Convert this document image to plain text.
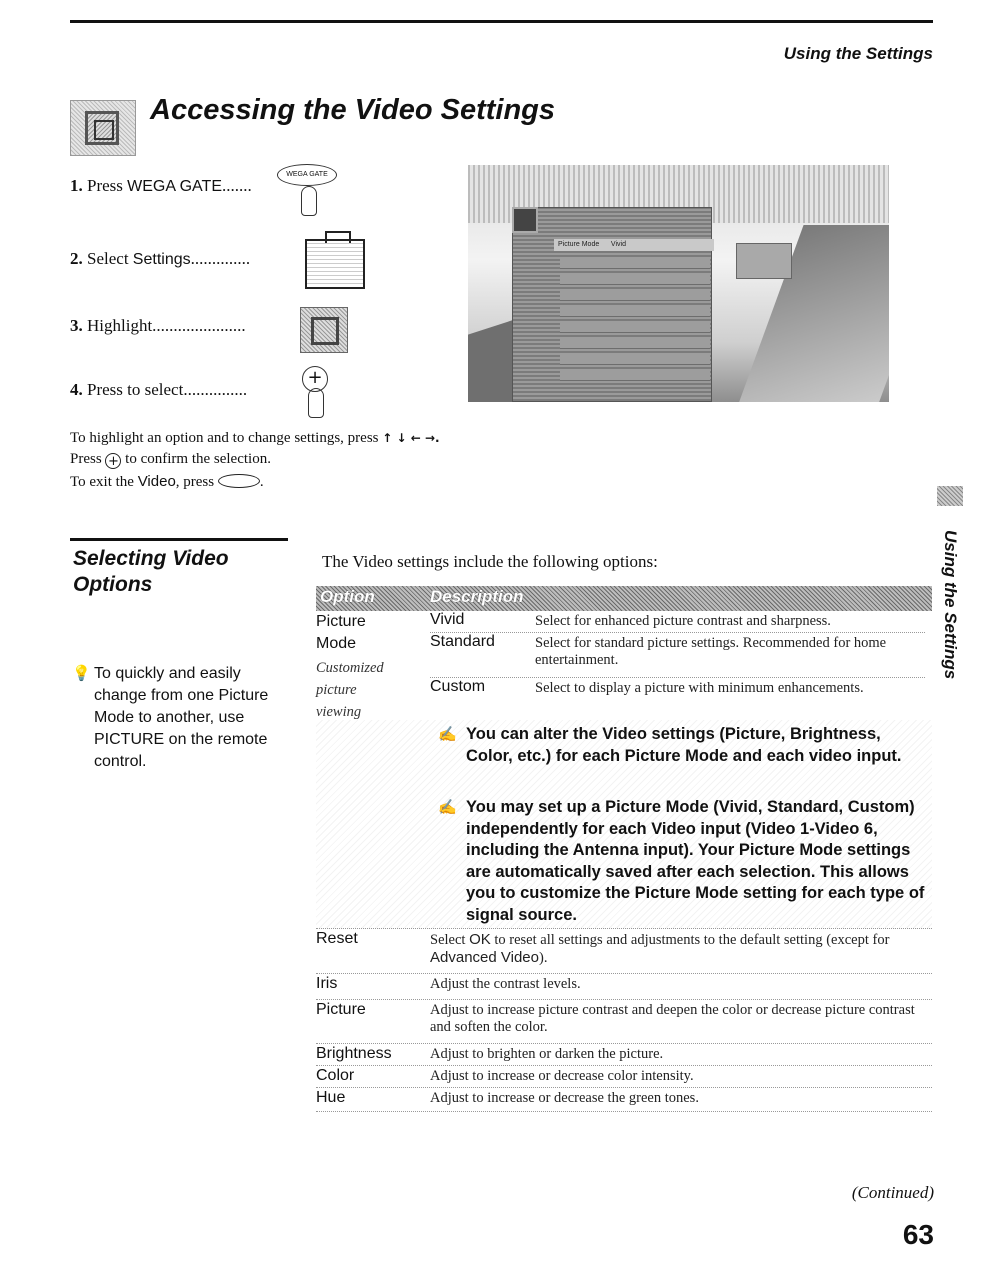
Using the Settings
Accessing the Video Settings
1. Press WEGA GATE.......
2. Select Settings..............
3. Highlight......................
4. Press to select...............
WEGA GATE
+
Picture Mode Vivid
To highlight an option and to change settings, press ↑ ↓ ← →.
Press + to confirm the selection.
To exit the Video, press	.
Using the Settings
Selecting Video Options
💡 To quickly and easily change from one Picture Mode to another, use PICTURE on the remote control.
The Video settings include the following options:
Option	Description
Picture
Mode
Customized
picture
viewing
Vivid	Select for enhanced picture contrast and sharpness.
Standard	Select for standard picture settings. Recommended for home entertainment.
Custom	Select to display a picture with minimum enhancements.
✍ You can alter the Video settings (Picture, Brightness, Color, etc.) for each Picture Mode and each video input.
✍ You may set up a Picture Mode (Vivid, Standard, Custom) independently for each Video input (Video 1-Video 6, including the Antenna input). Your Picture Mode settings are automatically saved after each selection. This allows you to customize the Picture Mode setting for each type of signal source.
Reset	Select OK to reset all settings and adjustments to the default setting (except for Advanced Video).
Iris	Adjust the contrast levels.
Picture	Adjust to increase picture contrast and deepen the color or decrease picture contrast and soften the color.
Brightness	Adjust to brighten or darken the picture.
Color	Adjust to increase or decrease color intensity.
Hue	Adjust to increase or decrease the green tones.
(Continued)
63
